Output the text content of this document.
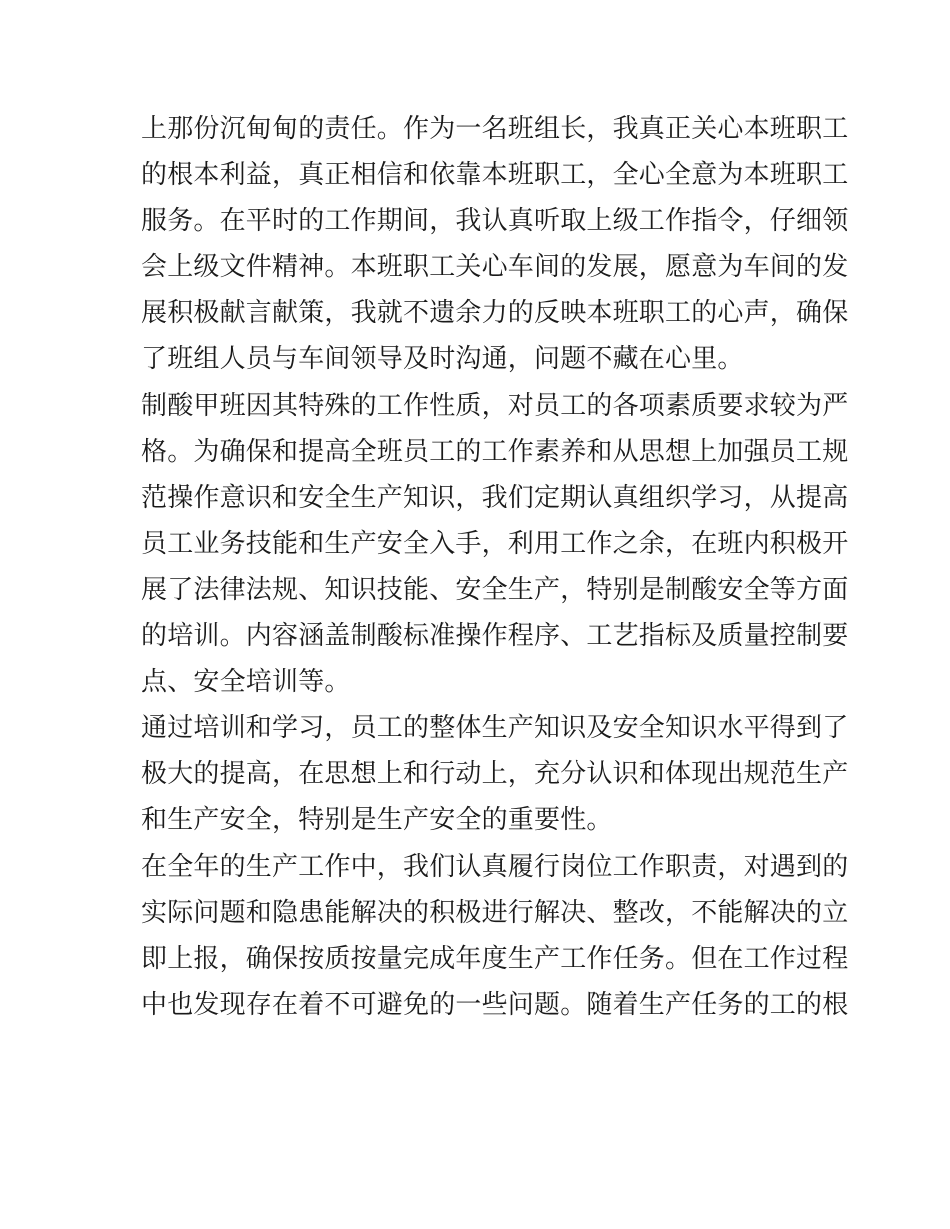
上那份沉甸甸的责任。作为一名班组长，我真正关心本班职工
的根本利益，真正相信和依靠本班职工，全心全意为本班职工
服务。在平时的工作期间，我认真听取上级工作指令，仔细领
会上级文件精神。本班职工关心车间的发展，愿意为车间的发
展积极献言献策，我就不遗余力的反映本班职工的心声，确保
了班组人员与车间领导及时沟通，问题不藏在心里。
制酸甲班因其特殊的工作性质，对员工的各项素质要求较为严
格。为确保和提高全班员工的工作素养和从思想上加强员工规
范操作意识和安全生产知识，我们定期认真组织学习，从提高
员工业务技能和生产安全入手，利用工作之余，在班内积极开
展了法律法规、知识技能、安全生产，特别是制酸安全等方面
的培训。内容涵盖制酸标准操作程序、工艺指标及质量控制要
点、安全培训等。
通过培训和学习，员工的整体生产知识及安全知识水平得到了
极大的提高，在思想上和行动上，充分认识和体现出规范生产
和生产安全，特别是生产安全的重要性。
在全年的生产工作中，我们认真履行岗位工作职责，对遇到的
实际问题和隐患能解决的积极进行解决、整改，不能解决的立
即上报，确保按质按量完成年度生产工作任务。但在工作过程
中也发现存在着不可避免的一些问题。随着生产任务的工的根
